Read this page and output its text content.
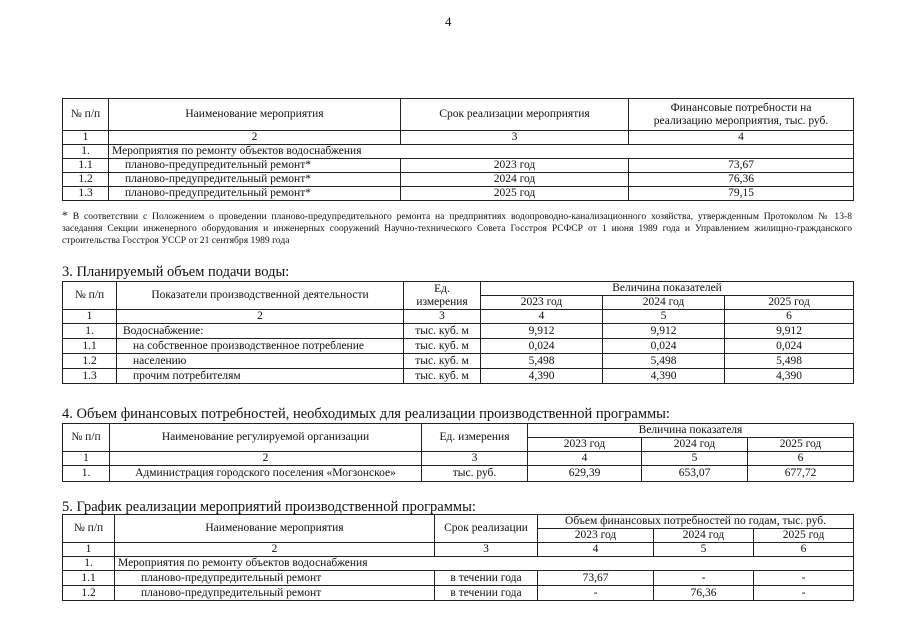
4
№ п/п	Наименование мероприятия	Срок реализации мероприятия	Финансовые потребности на
реализацию мероприятия, тыс. руб.

1	2	3	4
1.	Мероприятия по ремонту объектов водоснабжения		
1.1	планово-предупредительный ремонт*	2023 год	73,67
1.2	планово-предупредительный ремонт*	2024 год	76,36
1.3	планово-предупредительный ремонт*	2025 год	79,15
* В соответствии с Положением о проведении планово-предупредительного ремонта на предприятиях водопроводно-канализационного хозяйства, утвержденным Протоколом № 13-8 заседания Секции инженерного оборудования и инженерных сооружений Научно-технического Совета Госстроя РСФСР от 1 июня 1989 года и Управлением жилищно-гражданского строительства Госстроя УССР от 21 сентября 1989 года
3. Планируемый объем подачи воды:
№ п/п	Показатели производственной деятельности	Ед.
измерения	Величина показателей		
			2023 год	2024 год	2025 год
1	2	3	4	5	6
1.	Водоснабжение:	тыс. куб. м	9,912	9,912	9,912
1.1	на собственное производственное потребление	тыс. куб. м	0,024	0,024	0,024
1.2	населению	тыс. куб. м	5,498	5,498	5,498
1.3	прочим потребителям	тыс. куб. м	4,390	4,390	4,390
4. Объем финансовых потребностей, необходимых для реализации производственной программы:
№ п/п	Наименование регулируемой организации	Ед. измерения	Величина показателя		
			2023 год	2024 год	2025 год
1	2	3	4	5	6
1.	Администрация городского поселения «Могзонское»	тыс. руб.	629,39	653,07	677,72
5. График реализации мероприятий производственной программы:
№ п/п	Наименование мероприятия	Срок реализации	Объем финансовых потребностей по годам, тыс. руб.		
			2023 год	2024 год	2025 год
1	2	3	4	5	6
1.	Мероприятия по ремонту объектов водоснабжения				
1.1	планово-предупредительный ремонт	в течении года	73,67	-	-
1.2	планово-предупредительный ремонт	в течении года	-	76,36	-
